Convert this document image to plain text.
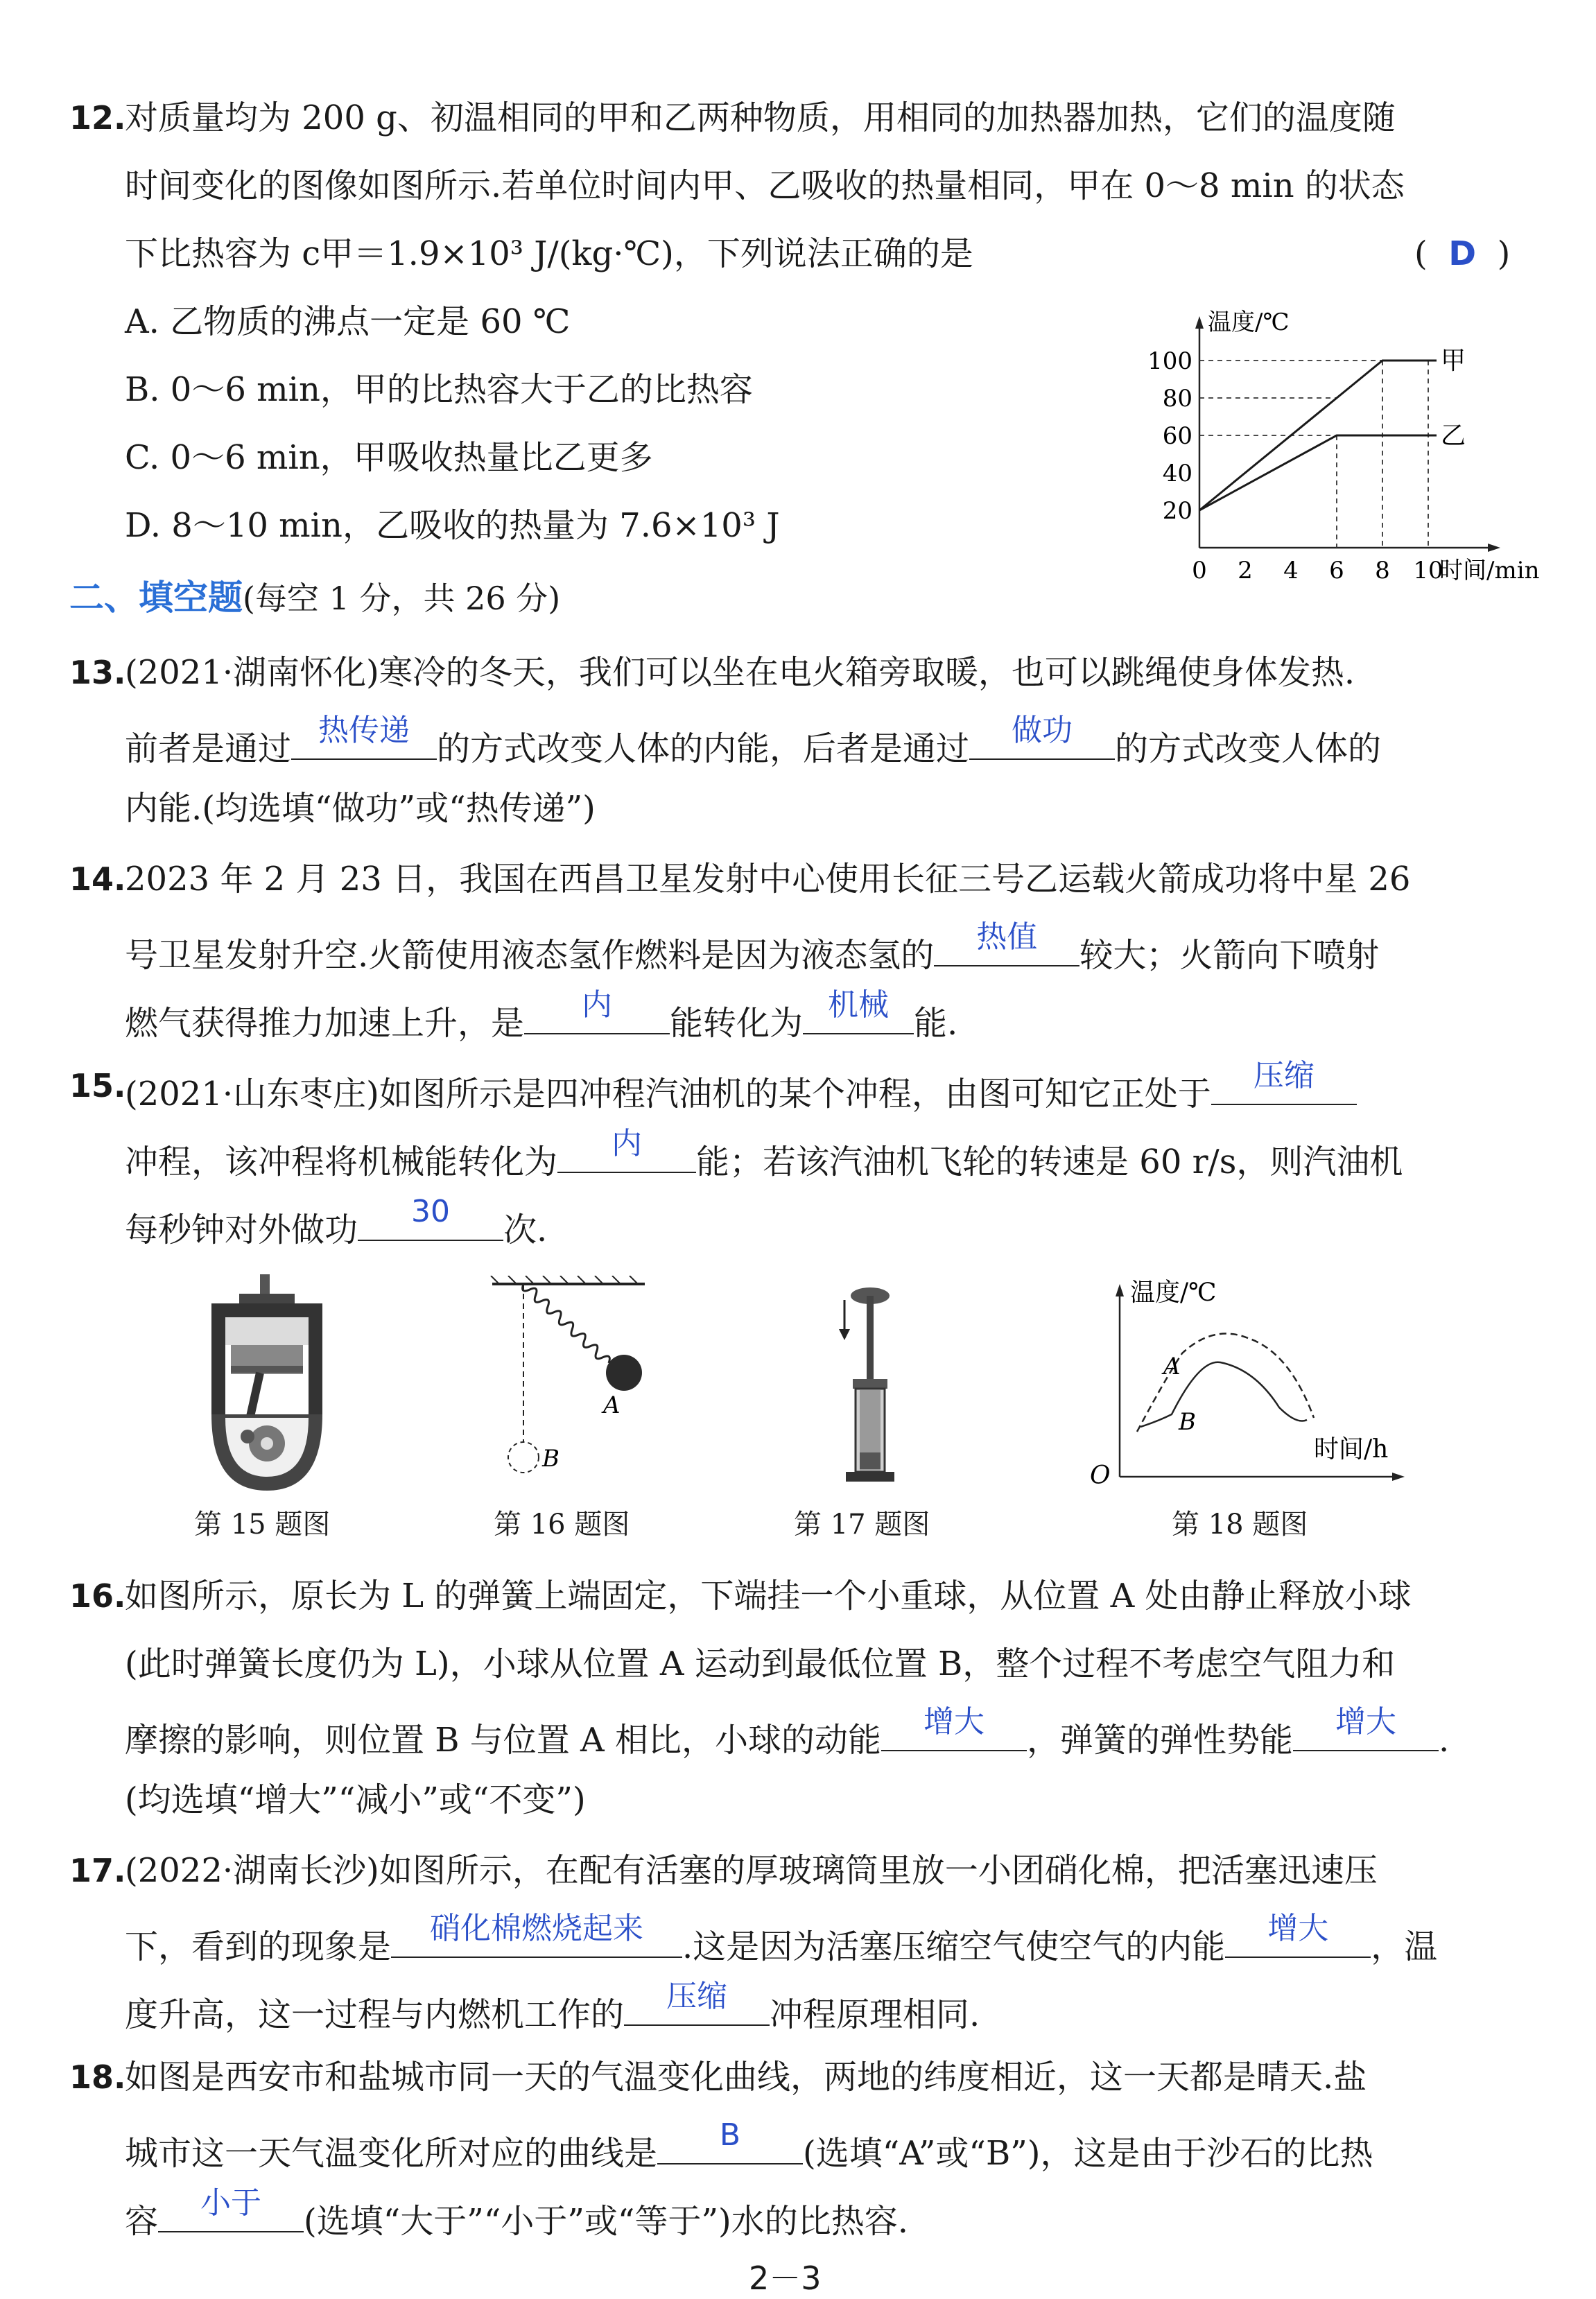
12.
对质量均为 200 g、初温相同的甲和乙两种物质，用相同的加热器加热，它们的温度随
时间变化的图像如图所示.若单位时间内甲、乙吸收的热量相同，甲在 0～8 min 的状态
下比热容为 c甲＝1.9×10³ J/(kg·℃)，下列说法正确的是	(  D  )
A. 乙物质的沸点一定是 60 ℃
B. 0～6 min，甲的比热容大于乙的比热容
C. 0～6 min，甲吸收热量比乙更多
D. 8～10 min，乙吸收的热量为 7.6×10³ J
温度/℃
时间/min
0 2 4 6 8 10
20
40
60
80
100	甲
乙
二、填空题(每空 1 分，共 26 分)
13.
(2021·湖南怀化)寒冷的冬天，我们可以坐在电火箱旁取暖，也可以跳绳使身体发热.
前者是通过 热传递 的方式改变人体的内能，后者是通过	做功	的方式改变人体的
内能.(均选填“做功”或“热传递”)
14.
2023 年 2 月 23 日，我国在西昌卫星发射中心使用长征三号乙运载火箭成功将中星 26
号卫星发射升空.火箭使用液态氢作燃料是因为液态氢的	热值	较大；火箭向下喷射
燃气获得推力加速上升，是	内	能转化为 机械 能.
15.
(2021·山东枣庄)如图所示是四冲程汽油机的某个冲程，由图可知它正处于	压缩
冲程，该冲程将机械能转化为	内	能；若该汽油机飞轮的转速是 60 r/s，则汽油机
每秒钟对外做功	30	次.
第 15 题图
A
B
第 16 题图	第 17 题图
温度/℃
时间/h
O
A
B
第 18 题图
16.
如图所示，原长为 L 的弹簧上端固定，下端挂一个小重球，从位置 A 处由静止释放小球
(此时弹簧长度仍为 L)，小球从位置 A 运动到最低位置 B，整个过程不考虑空气阻力和
摩擦的影响，则位置 B 与位置 A 相比，小球的动能	增大	，弹簧的弹性势能	增大	.
(均选填“增大”“减小”或“不变”)
17.
(2022·湖南长沙)如图所示，在配有活塞的厚玻璃筒里放一小团硝化棉，把活塞迅速压
下，看到的现象是	硝化棉燃烧起来	.这是因为活塞压缩空气使空气的内能	增大	，温
度升高，这一过程与内燃机工作的	压缩	冲程原理相同.
18.
如图是西安市和盐城市同一天的气温变化曲线，两地的纬度相近，这一天都是晴天.盐
城市这一天气温变化所对应的曲线是	B	(选填“A”或“B”)，这是由于沙石的比热
容	小于	(选填“大于”“小于”或“等于”)水的比热容.
2－3
